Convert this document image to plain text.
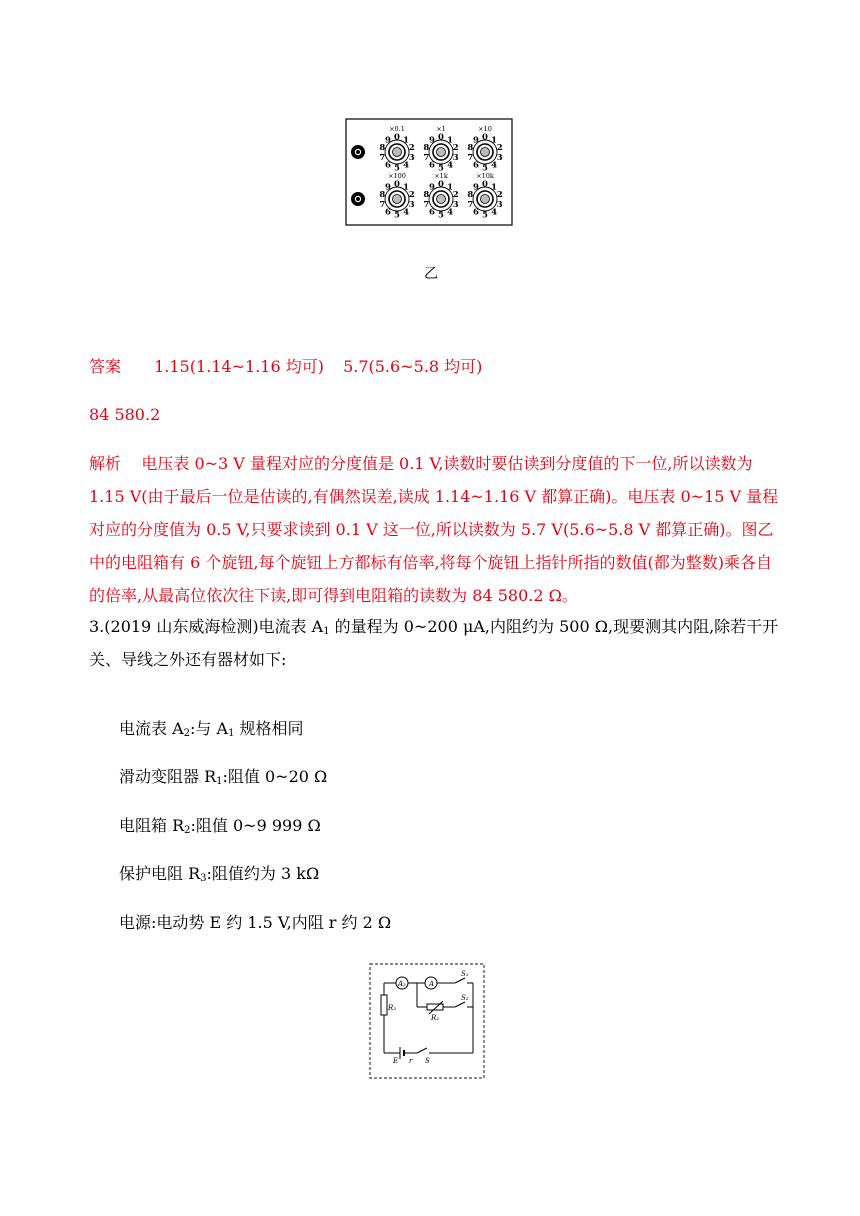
×0.1
0 1
2
3
4
5
6
7
8
9
×1
0 1
2
3
4
5
6
7
8
9
×10
0 1
2
3
4
5
6
7
8
9
×100
0 1
2
3
4
5
6
7
8
9
×1k
0 1
2
3
4
5
6
7
8
9
×10k
0 1
2
3
4
5
6
7
8
9
乙
答案 1.15(1.14~1.16 均可) 5.7(5.6~5.8 均可)
84 580.2
解析 电压表 0~3 V 量程对应的分度值是 0.1 V,读数时要估读到分度值的下一位,所以读数为 1.15 V(由于最后一位是估读的,有偶然误差,读成 1.14~1.16 V 都算正确)。电压表 0~15 V 量程对应的分度值为 0.5 V,只要求读到 0.1 V 这一位,所以读数为 5.7 V(5.6~5.8 V 都算正确)。图乙中的电阻箱有 6 个旋钮,每个旋钮上方都标有倍率,将每个旋钮上指针所指的数值(都为整数)乘各自的倍率,从最高位依次往下读,即可得到电阻箱的读数为 84 580.2 Ω。
3.(2019 山东威海检测)电流表 $A_1$ 的量程为 0~200 μA,内阻约为 500 Ω,现要测其内阻,除若干开关、导线之外还有器材如下:
电流表 $A_2$:与 $A_1$ 规格相同
滑动变阻器 $R_1$:阻值 0~20 Ω
电阻箱 $R_2$:阻值 0~9 999 Ω
保护电阻 $R_3$:阻值约为 3 kΩ
电源:电动势 E 约 1.5 V,内阻 r 约 2 Ω
A₂	A
S₁
S₂
R₃
R₂
E r S
